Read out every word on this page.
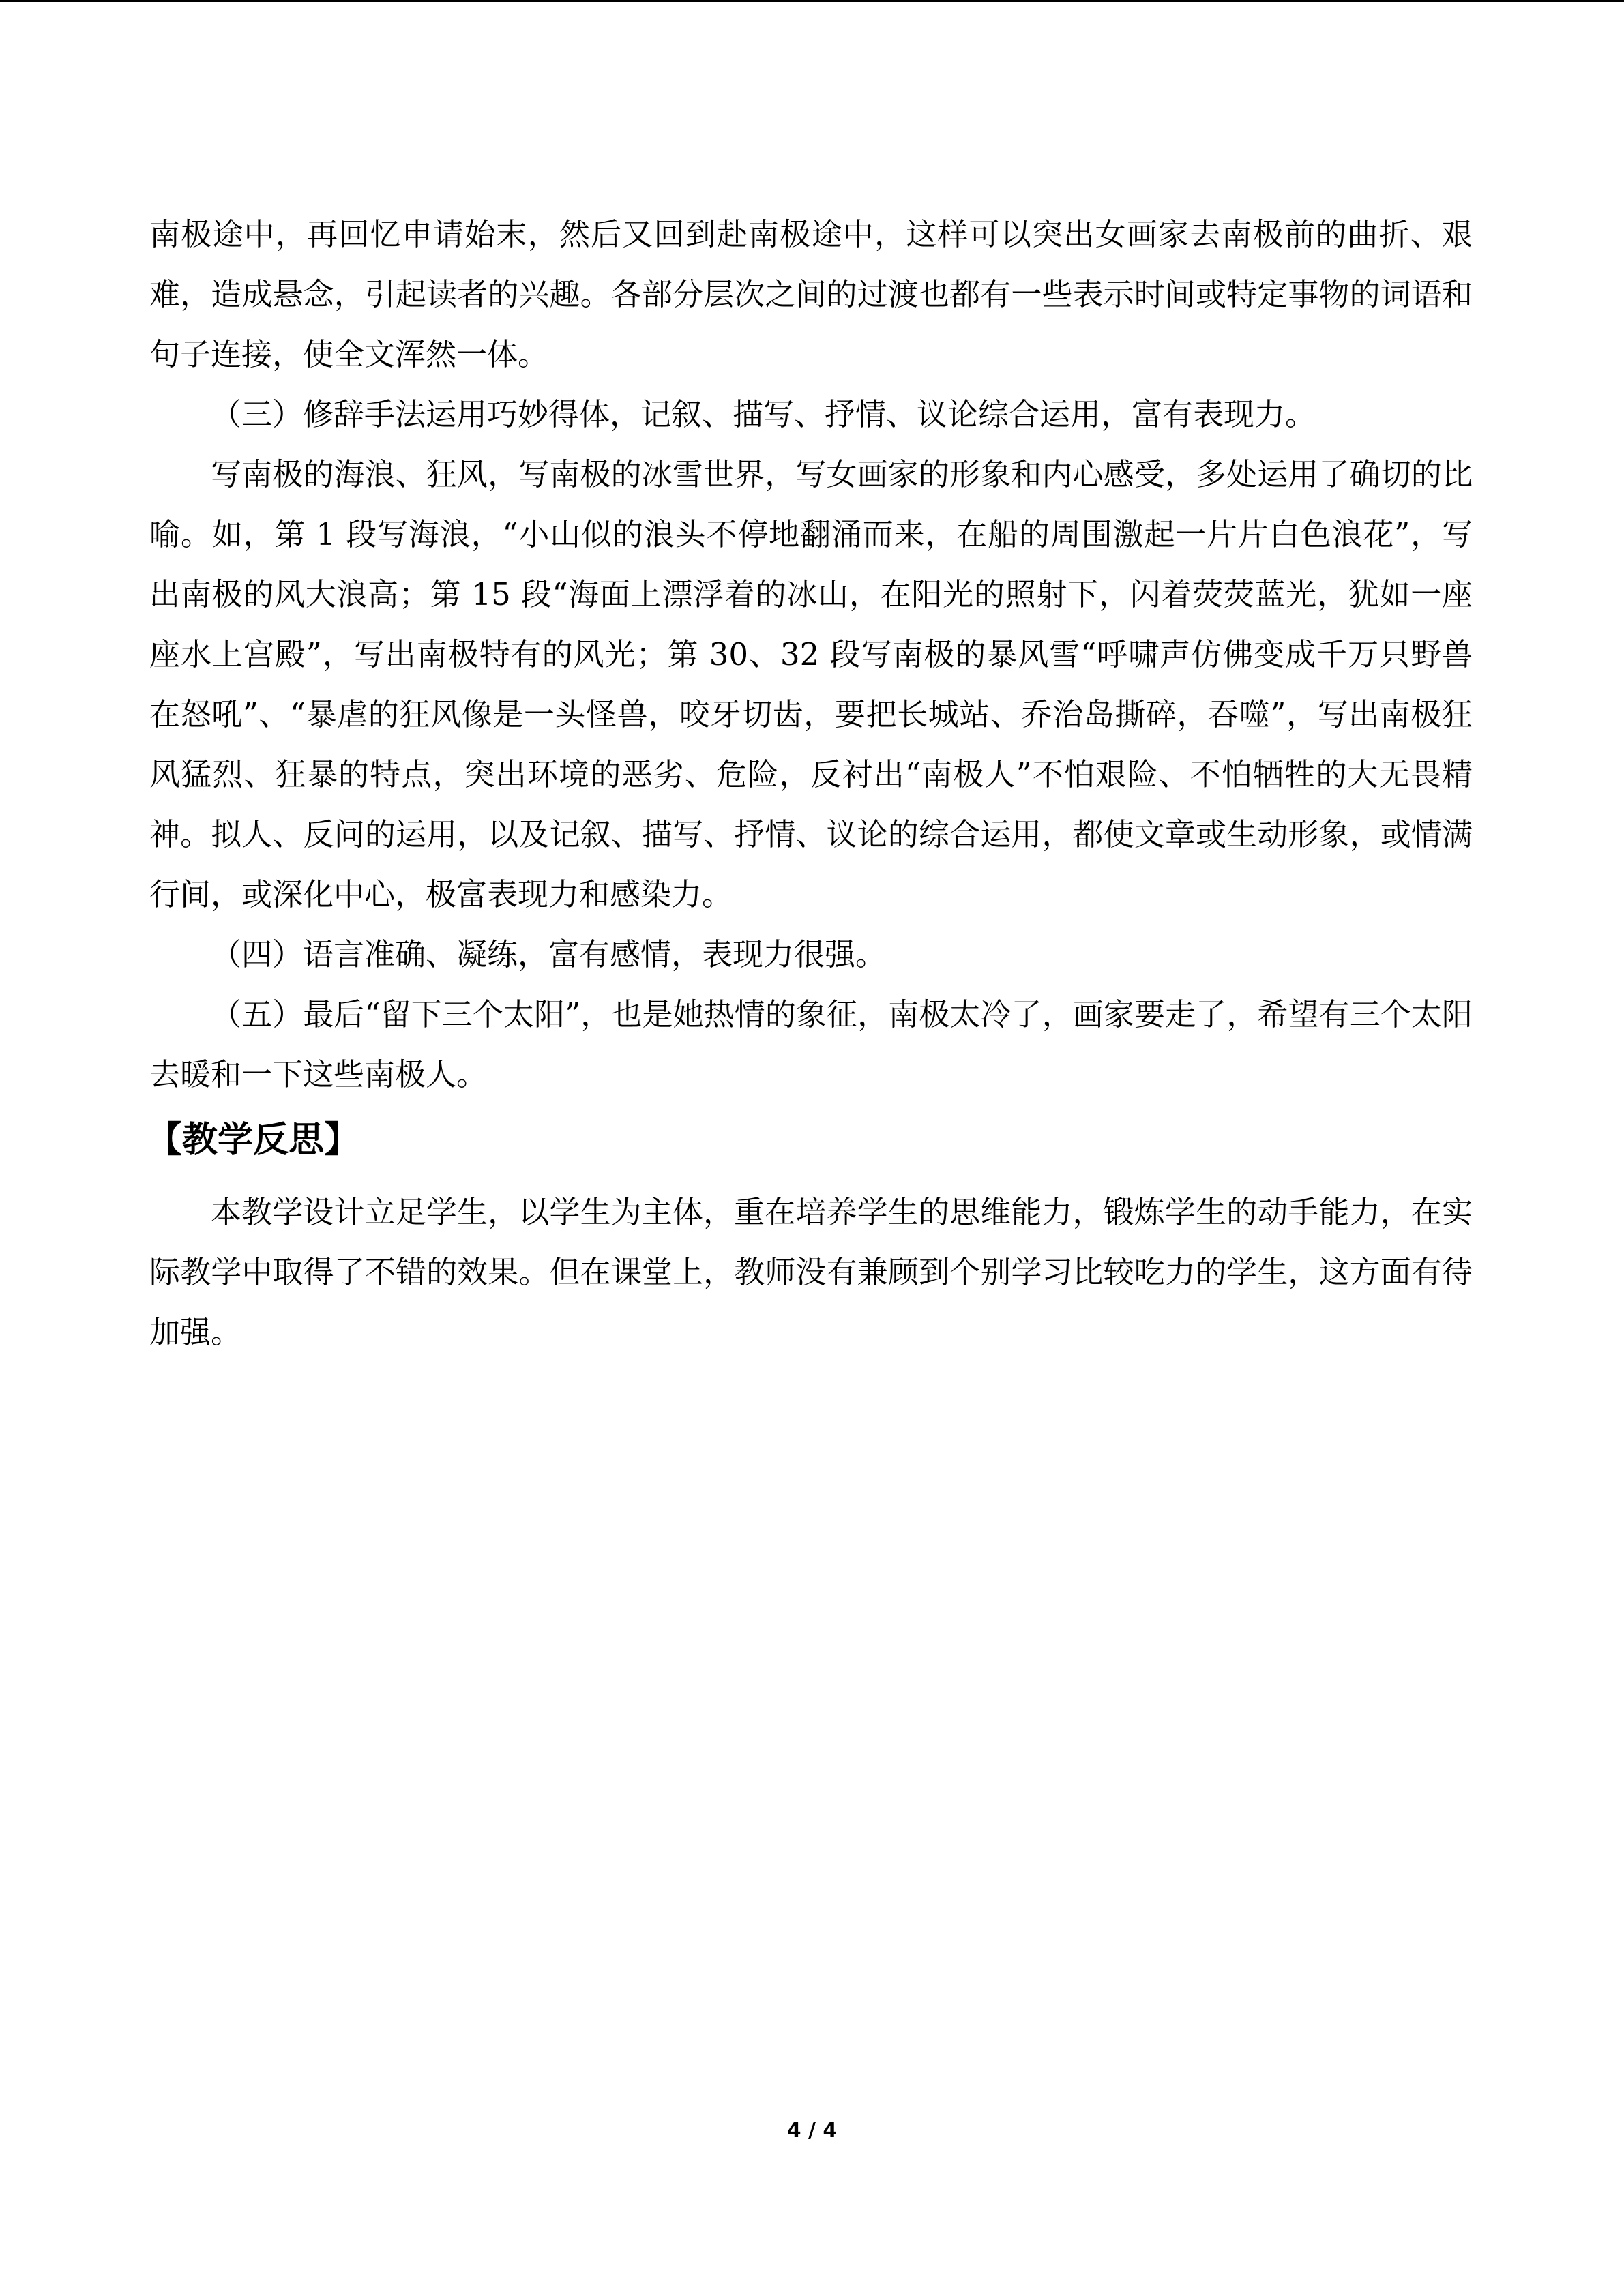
南极途中，再回忆申请始末，然后又回到赴南极途中，这样可以突出女画家去南极前的曲折、艰难，造成悬念，引起读者的兴趣。各部分层次之间的过渡也都有一些表示时间或特定事物的词语和句子连接，使全文浑然一体。

（三）修辞手法运用巧妙得体，记叙、描写、抒情、议论综合运用，富有表现力。

写南极的海浪、狂风，写南极的冰雪世界，写女画家的形象和内心感受，多处运用了确切的比喻。如，第 1 段写海浪，“小山似的浪头不停地翻涌而来，在船的周围激起一片片白色浪花”，写出南极的风大浪高；第 15 段“海面上漂浮着的冰山，在阳光的照射下，闪着荧荧蓝光，犹如一座座水上宫殿”，写出南极特有的风光；第 30、32 段写南极的暴风雪“呼啸声仿佛变成千万只野兽在怒吼”、“暴虐的狂风像是一头怪兽，咬牙切齿，要把长城站、乔治岛撕碎，吞噬”，写出南极狂风猛烈、狂暴的特点，突出环境的恶劣、危险，反衬出“南极人”不怕艰险、不怕牺牲的大无畏精神。拟人、反问的运用，以及记叙、描写、抒情、议论的综合运用，都使文章或生动形象，或情满行间，或深化中心，极富表现力和感染力。

（四）语言准确、凝练，富有感情，表现力很强。

（五）最后“留下三个太阳”，也是她热情的象征，南极太冷了，画家要走了，希望有三个太阳去暖和一下这些南极人。

【教学反思】

本教学设计立足学生，以学生为主体，重在培养学生的思维能力，锻炼学生的动手能力，在实际教学中取得了不错的效果。但在课堂上，教师没有兼顾到个别学习比较吃力的学生，这方面有待加强。

4 / 4
